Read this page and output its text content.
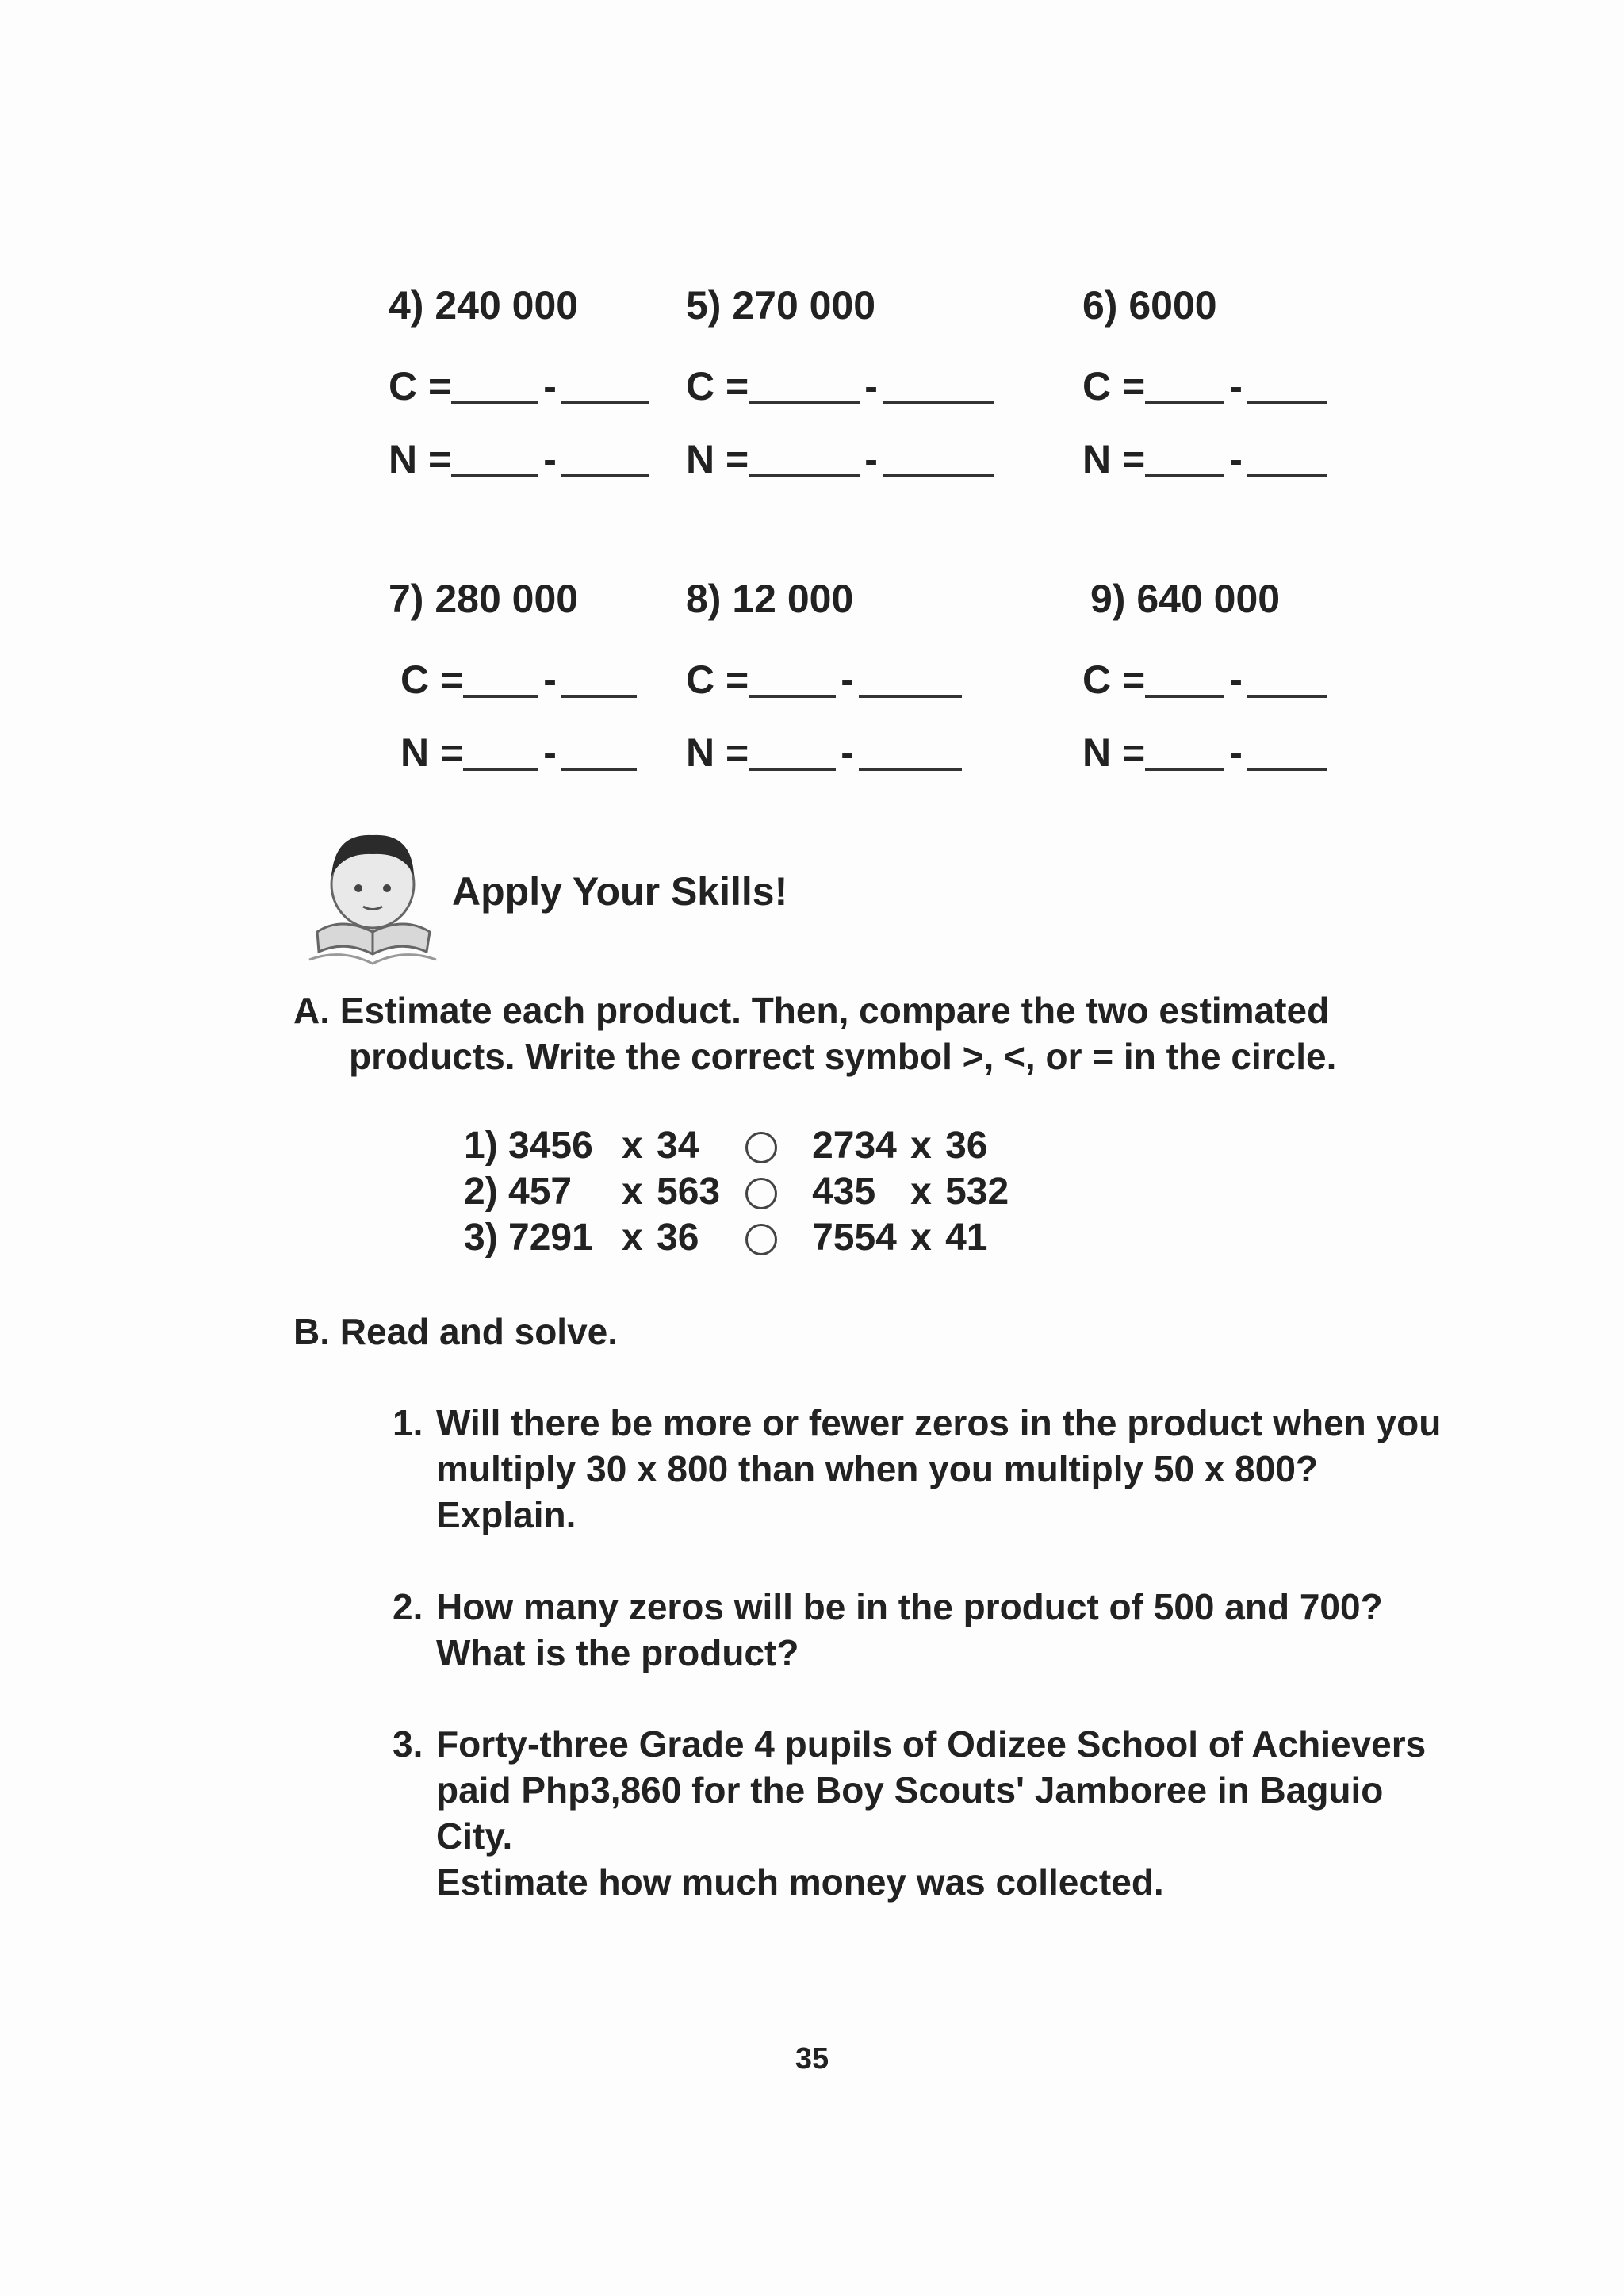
4) 240 000
C = -
N = -
5) 270 000
C =	-
N =	-
6) 6000
C = -
N = -
7) 280 000
C = -
N = -
8) 12 000
C = -
N = -
9) 640 000
C = -
N = -
Apply Your Skills!
A. Estimate each product. Then, compare the two estimated
products. Write the correct symbol >, <, or = in the circle.
1) 3456	x	34		2734	x	36
2) 457	x	563		435	x	532
3) 7291	x	36		7554	x	41
B. Read and solve.
1. Will there be more or fewer zeros in the product when you
multiply 30 x 800 than when you multiply 50 x 800?
Explain.
2. How many zeros will be in the product of 500 and 700?
What is the product?
3. Forty-three Grade 4 pupils of Odizee School of Achievers
paid Php3,860 for the Boy Scouts' Jamboree in Baguio City.
Estimate how much money was collected.
35
